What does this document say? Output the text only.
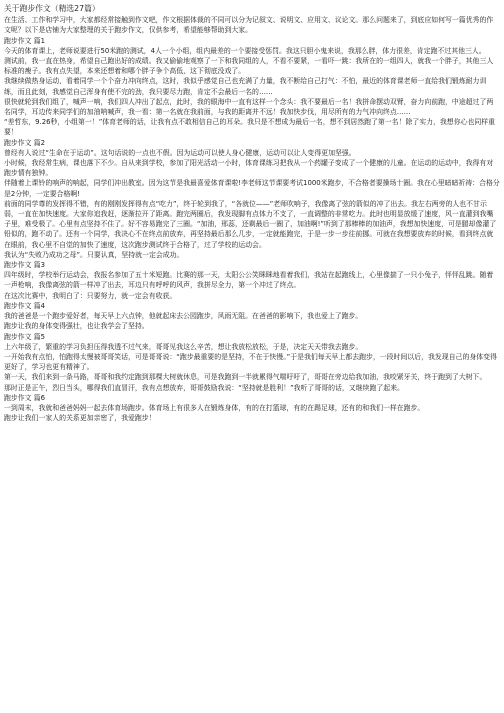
关于跑步作文（精选27篇）

在生活、工作和学习中，大家都经常接触到作文吧，作文根据体裁的不同可以分为记叙文、说明文、应用文、议论文。那么问题来了，到底应如何写一篇优秀的作文呢？以下是店铺为大家整理的关于跑步作文，仅供参考，希望能够帮助到大家。

跑步作文 篇1

今天的体育课上，老师说要进行50米跑的测试，4人一个小组，组内最差的一个要接受惩罚。我这只胆小鬼来说，我那么胖，体力很差，肯定跑不过其他三人。

测试前，我一直在热身，希望自己跑出好的成绩。我又偷偷地观察了一下和我同组的人，不看不要紧，一看吓一跳：我所在的一组四人，就我一个胖子，其他三人标准的瘦子。我有点失望，本来还想着和哪个胖子争个高低，这下彻底没戏了。

我继续做热身运动，看着同学一个个奋力冲向终点，这时，我似乎感觉自己也充满了力量，我不断给自己打气：不怕，最近的体育课老师一直给我们锻炼耐力训练，而且此刻，我感觉自己浑身有使不完的劲，我只要尽力跑，肯定不会最后一名的……

很快就轮到我们组了，喊声一响，我们四人冲出了起点，此时，我的眼海中一直有这样一个念头：我不要最后一名！我拼命摆动双臂，奋力向前跑，中途超过了两名同学，耳边传来同学们的加油呐喊声，我一看：第一名就在我前面，与我的距离并不远！我加快步伐，用尽所有的力气冲向终点……

“差哲东，9.26秒，小组第一！”体育老师的话，让我有点不敢相信自己的耳朵。我只是不想成为最后一名，想不到居然跑了第一名！除了实力，我想你心也同样重要！

跑步作文 篇2

曾经有人说过“生命在于运动”。这句话说的一点也不假。因为运动可以使人身心健康，运动可以让人变得更加坚强。

小时候，我经常生病，课也落下不少。自从来到学校，参加了阳光活动一小时，体育课练习把我从一个药罐子变成了一个健康的儿童。在运动的运动中，我得有对跑步情有独钟。

伴随着上课铃的响声的响起，同学们冲出教室。因为这节是我最喜爱体育课啦!李老师这节课要考试1000米跑步，不合格者要操场十圈。我在心里暗暗祈祷：合格分是2分钟，一定要合格啊!

前面的同学尊的发挥得不错，有的刚刚发挥得有点“吃力”，终于轮到我了，“各就位——”老师吹响子，我像离了弦的箭似的冲了出去。我左右两旁的人也不甘示弱，一直在加快速度。大家你追我赶，逐渐拉开了距离。跑完两圈后，我发现脚有点体力不支了，一直调整的非常吃力。此时也明显放缓了速度，风一直灌到我嘴子里，难受极了。心里有点坚持不住了。好不容易跑完了三圈。“加油，邢蕊，还剩最后一圈了，加油啊!”听到了那棒棒的加油声，我想加快速度，可是腿却像灌了铅似的，跑不动了。还有一个同学，我决心不在终点前放弃，再坚持最后那么几步，一定就能跑完，于是一步一步往前挪。可就在我想要放弃的时候，看到终点就在眼前，我心里不自觉的加快了速度，这次跑步测试终于合格了，过了学校的运动会。

我认为“失败乃成功之母”。只要认真，坚持就一定会成功。

跑步作文 篇3

四年级时，学校举行运动会，我报名参加了五十米短跑。比赛的那一天，太阳公公笑眯眯地看着我们，我站在起跑线上，心里像揣了一只小兔子，怦怦乱跳。随着一声枪响，我像离弦的箭一样冲了出去，耳边只有呼呼的风声，我拼尽全力，第一个冲过了终点。

在这次比赛中，我明白了：只要努力，就一定会有收获。

跑步作文 篇4

我的爸爸是一个跑步爱好者，每天早上六点钟，他就起床去公园跑步，风雨无阻。在爸爸的影响下，我也爱上了跑步。

跑步让我的身体变得强壮，也让我学会了坚持。

跑步作文 篇5

上六年级了，繁重的学习负担压得我透不过气来，哥哥见我这么辛苦，想让我放松放松，于是，决定天天带我去跑步。

一开始我有点怕，怕跑得太慢被哥哥笑话，可是哥哥说：“跑步最重要的是坚持，不在于快慢。”于是我们每天早上都去跑步，一段时间以后，我发现自己的身体变得更好了，学习也更有精神了。

第一天，我们来到一条马路，哥哥和我约定跑到那棵大树就休息，可是我跑到一半就累得气喘吁吁了，哥哥在旁边给我加油，我咬紧牙关，终于跑到了大树下。

那时正是正午，烈日当头，哪得我们直冒汗，我有点想放弃，哥哥鼓励我说：“坚持就是胜利！”我听了哥哥的话，又继续跑了起来。

跑步作文 篇6

一到周末，我就和爸爸妈妈一起去体育场跑步。体育场上有很多人在锻炼身体，有的在打篮球，有的在踢足球，还有的和我们一样在跑步。

跑步让我们一家人的关系更加亲密了，我爱跑步！
